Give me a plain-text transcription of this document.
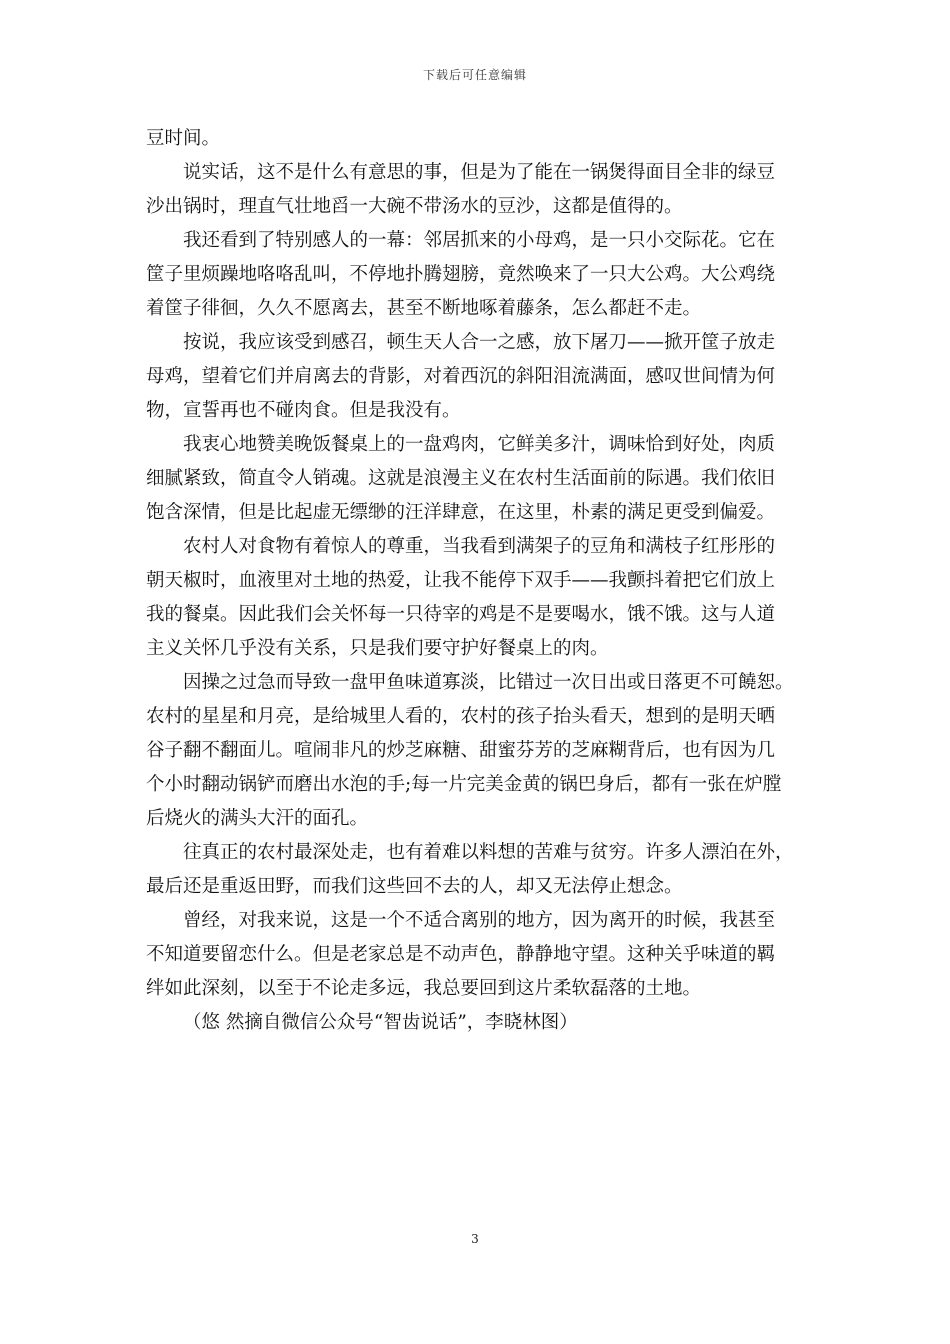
下载后可任意编辑
豆时间。
说实话，这不是什么有意思的事，但是为了能在一锅煲得面目全非的绿豆
沙出锅时，理直气壮地舀一大碗不带汤水的豆沙，这都是值得的。
我还看到了特别感人的一幕：邻居抓来的小母鸡，是一只小交际花。它在
筐子里烦躁地咯咯乱叫，不停地扑腾翅膀，竟然唤来了一只大公鸡。大公鸡绕
着筐子徘徊，久久不愿离去，甚至不断地啄着藤条，怎么都赶不走。
按说，我应该受到感召，顿生天人合一之感，放下屠刀——掀开筐子放走
母鸡，望着它们并肩离去的背影，对着西沉的斜阳泪流满面，感叹世间情为何
物，宣誓再也不碰肉食。但是我没有。
我衷心地赞美晚饭餐桌上的一盘鸡肉，它鲜美多汁，调味恰到好处，肉质
细腻紧致，简直令人销魂。这就是浪漫主义在农村生活面前的际遇。我们依旧
饱含深情，但是比起虚无缥缈的汪洋肆意，在这里，朴素的满足更受到偏爱。
农村人对食物有着惊人的尊重，当我看到满架子的豆角和满枝子红彤彤的
朝天椒时，血液里对土地的热爱，让我不能停下双手——我颤抖着把它们放上
我的餐桌。因此我们会关怀每一只待宰的鸡是不是要喝水，饿不饿。这与人道
主义关怀几乎没有关系，只是我们要守护好餐桌上的肉。
因操之过急而导致一盘甲鱼味道寡淡，比错过一次日出或日落更不可饒恕。
农村的星星和月亮，是给城里人看的，农村的孩子抬头看天，想到的是明天晒
谷子翻不翻面儿。喧闹非凡的炒芝麻糖、甜蜜芬芳的芝麻糊背后，也有因为几
个小时翻动锅铲而磨出水泡的手;每一片完美金黄的锅巴身后，都有一张在炉膛
后烧火的满头大汗的面孔。
往真正的农村最深处走，也有着难以料想的苦难与贫穷。许多人漂泊在外，
最后还是重返田野，而我们这些回不去的人，却又无法停止想念。
曾经，对我来说，这是一个不适合离别的地方，因为离开的时候，我甚至
不知道要留恋什么。但是老家总是不动声色，静静地守望。这种关乎味道的羁
绊如此深刻，以至于不论走多远，我总要回到这片柔软磊落的土地。
（悠 然摘自微信公众号“智齿说话”，李晓林图）
3
